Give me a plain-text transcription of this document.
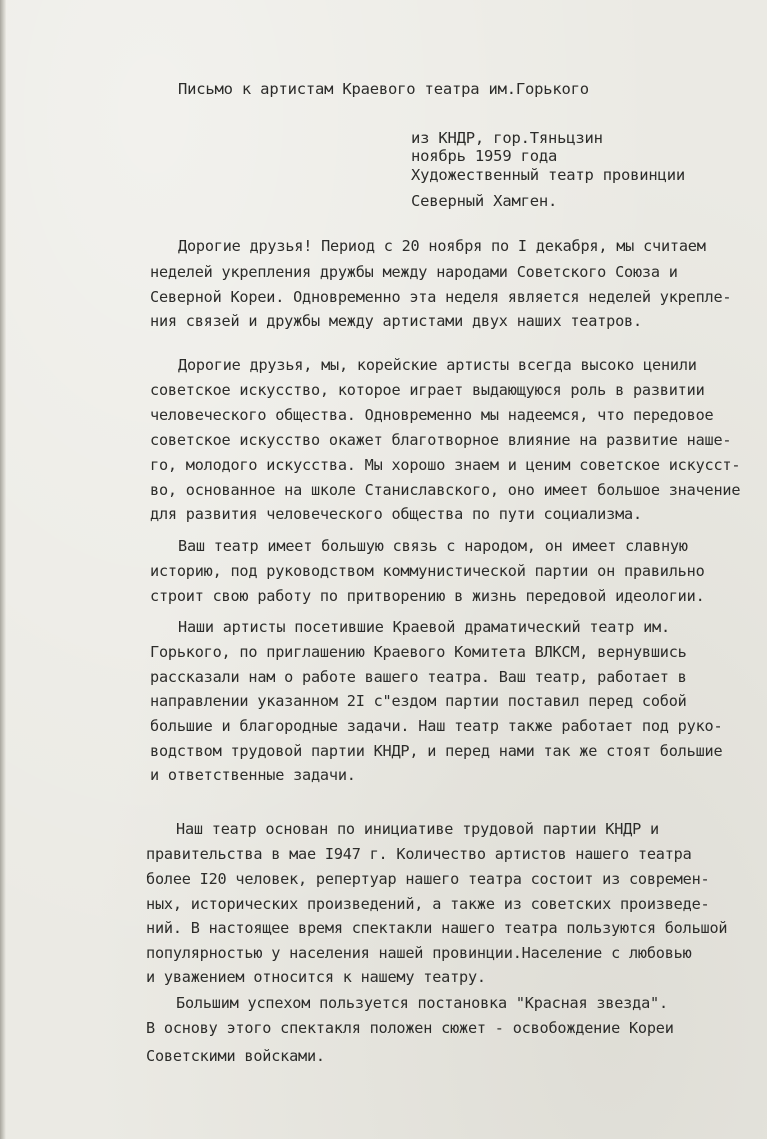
Письмо к артистам Краевого театра им.Горького
из КНДР, гор.Тяньцзин
ноябрь 1959 года
Художественный театр провинции
Северный Хамген.
Дорогие друзья! Период с 20 ноября по I декабря, мы считаем
неделей укрепления дружбы между народами Советского Союза и
Северной Кореи. Одновременно эта неделя является неделей укрепле-
ния связей и дружбы между артистами двух наших театров.
Дорогие друзья, мы, корейские артисты всегда высоко ценили
советское искусство, которое играет выдающуюся роль в развитии
человеческого общества. Одновременно мы надеемся, что передовое
советское искусство окажет благотворное влияние на развитие наше-
го, молодого искусства. Мы хорошо знаем и ценим советское искусст-
во, основанное на школе Станиславского, оно имеет большое значение
для развития человеческого общества по пути социализма.
Ваш театр имеет большую связь с народом, он имеет славную
историю, под руководством коммунистической партии он правильно
строит свою работу по притворению в жизнь передовой идеологии.
Наши артисты посетившие Краевой драматический театр им.
Горького, по приглашению Краевого Комитета ВЛКСМ, вернувшись
рассказали нам о работе вашего театра. Ваш театр, работает в
направлении указанном 2I с"ездом партии поставил перед собой
большие и благородные задачи. Наш театр также работает под руко-
водством трудовой партии КНДР, и перед нами так же стоят большие
и ответственные задачи.
Наш театр основан по инициативе трудовой партии КНДР и
правительства в мае I947 г. Количество артистов нашего театра
более I20 человек, репертуар нашего театра состоит из современ-
ных, исторических произведений, а также из советских произведе-
ний. В настоящее время спектакли нашего театра пользуются большой
популярностью у населения нашей провинции.Население с любовью
и уважением относится к нашему театру.
Большим успехом пользуется постановка "Красная звезда".
В основу этого спектакля положен сюжет - освобождение Кореи
Советскими войсками.
